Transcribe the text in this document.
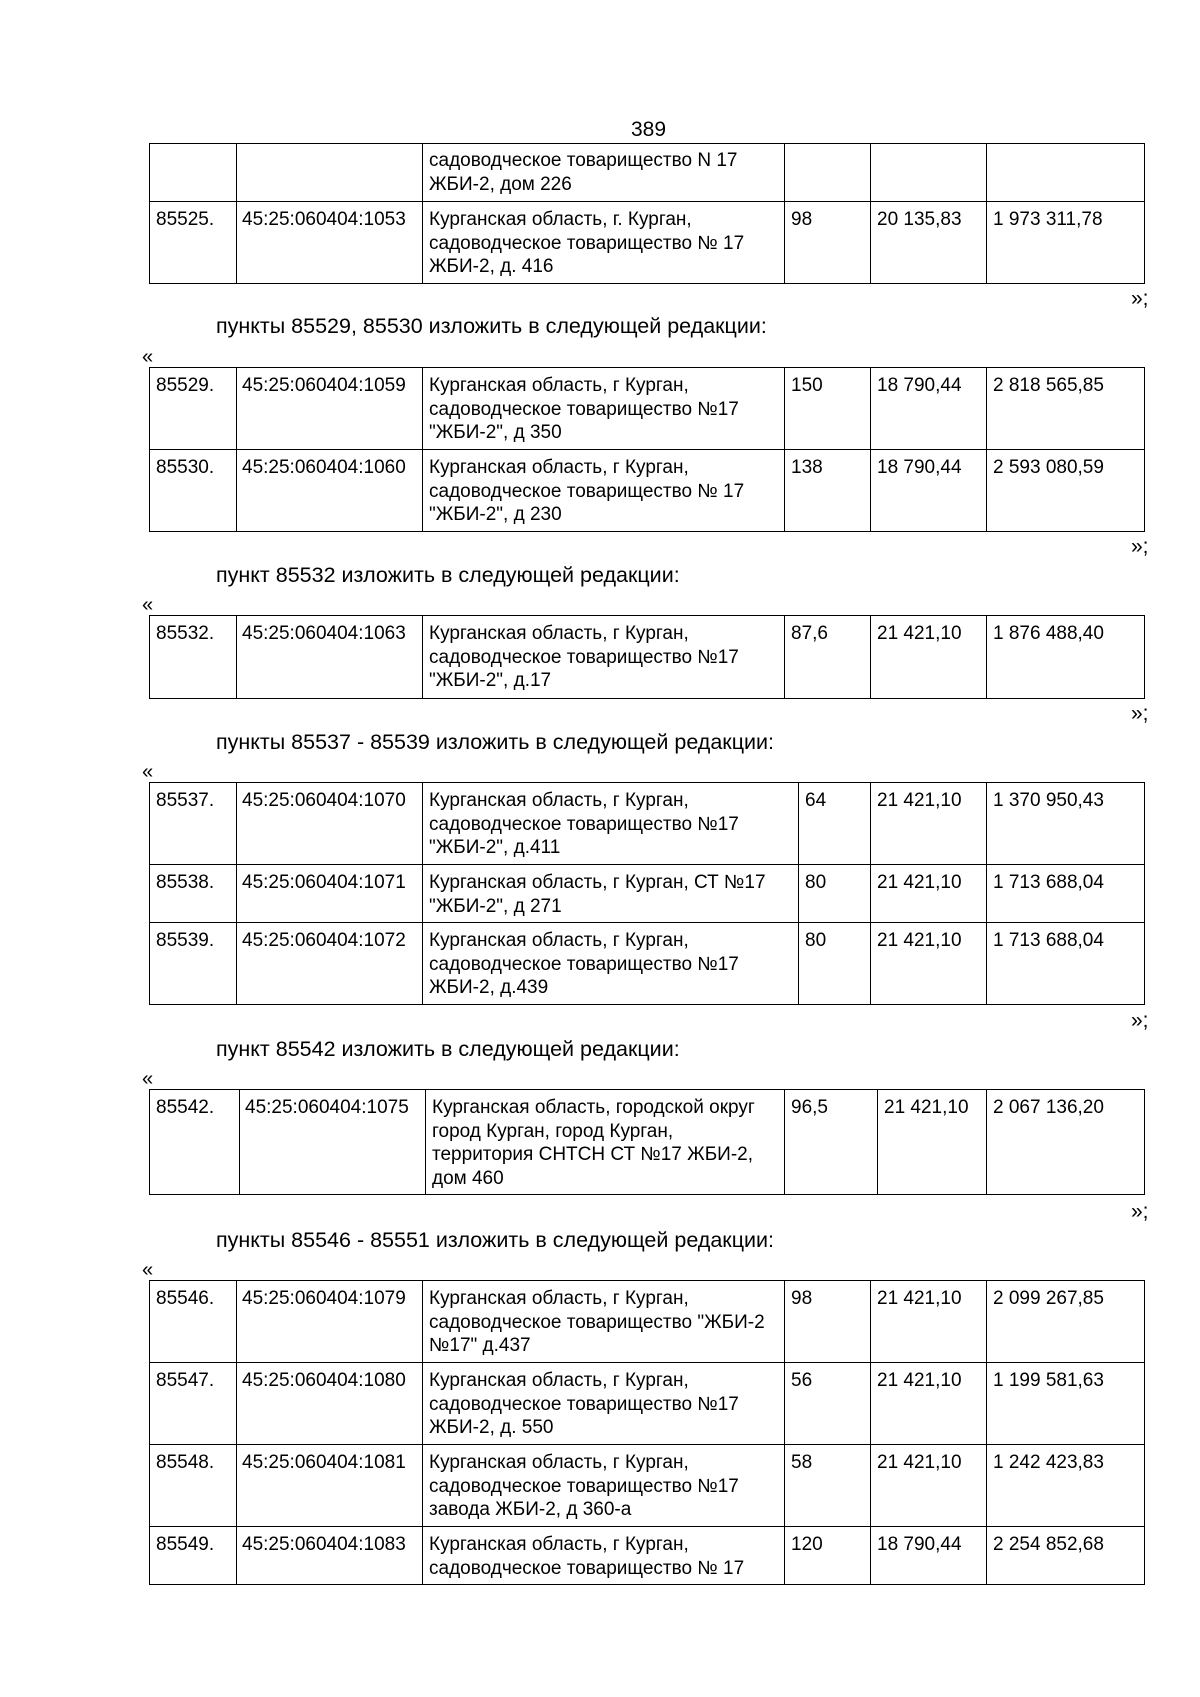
389
		садоводческое товарищество N 17 ЖБИ-2, дом 226			
85525.	45:25:060404:1053	Курганская область, г. Курган, садоводческое товарищество № 17 ЖБИ-2, д. 416	98	20 135,83	1 973 311,78
»;
пункты 85529, 85530 изложить в следующей редакции:
«
85529.	45:25:060404:1059	Курганская область, г Курган, садоводческое товарищество №17 "ЖБИ-2", д 350	150	18 790,44	2 818 565,85
85530.	45:25:060404:1060	Курганская область, г Курган, садоводческое товарищество № 17 "ЖБИ-2", д 230	138	18 790,44	2 593 080,59
»;
пункт 85532 изложить в следующей редакции:
«
85532.	45:25:060404:1063	Курганская область, г Курган, садоводческое товарищество №17 "ЖБИ-2", д.17	87,6	21 421,10	1 876 488,40
»;
пункты 85537 - 85539 изложить в следующей редакции:
«
85537.	45:25:060404:1070	Курганская область, г Курган, садоводческое товарищество №17 "ЖБИ-2", д.411	64	21 421,10	1 370 950,43
85538.	45:25:060404:1071	Курганская область, г Курган, СТ №17 "ЖБИ-2", д 271	80	21 421,10	1 713 688,04
85539.	45:25:060404:1072	Курганская область, г Курган, садоводческое товарищество №17 ЖБИ-2, д.439	80	21 421,10	1 713 688,04
»;
пункт 85542 изложить в следующей редакции:
«
85542.	45:25:060404:1075	Курганская область, городской округ город Курган, город Курган, территория СНТСН СТ №17 ЖБИ-2, дом 460	96,5	21 421,10	2 067 136,20
»;
пункты 85546 - 85551 изложить в следующей редакции:
«
85546.	45:25:060404:1079	Курганская область, г Курган, садоводческое товарищество "ЖБИ-2 №17" д.437	98	21 421,10	2 099 267,85
85547.	45:25:060404:1080	Курганская область, г Курган, садоводческое товарищество №17 ЖБИ-2, д. 550	56	21 421,10	1 199 581,63
85548.	45:25:060404:1081	Курганская область, г Курган, садоводческое товарищество №17 завода ЖБИ-2, д 360-а	58	21 421,10	1 242 423,83
85549.	45:25:060404:1083	Курганская область, г Курган, садоводческое товарищество № 17	120	18 790,44	2 254 852,68
